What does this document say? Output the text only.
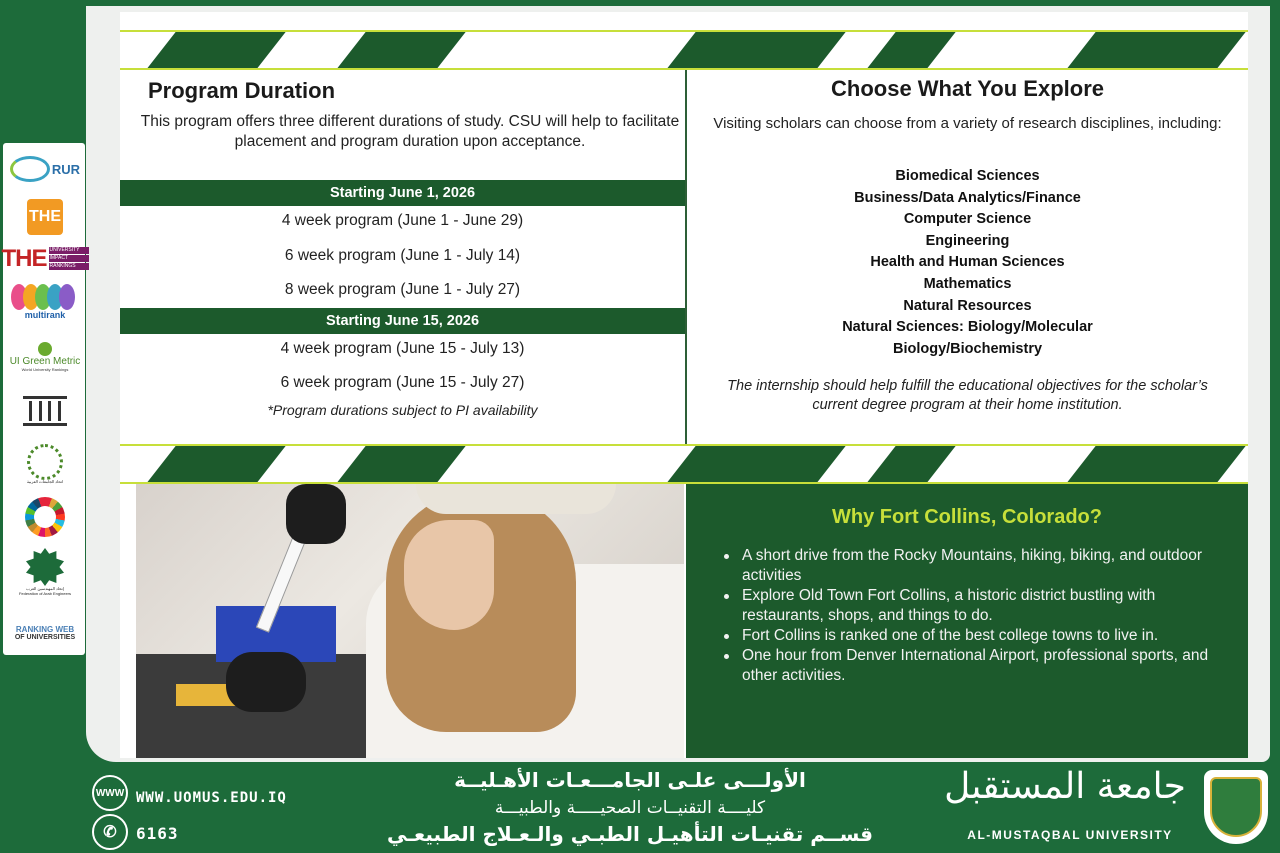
RUR
THE
THE UNIVERSITY
IMPACT
RANKINGS
multirank
UI Green Metric
World University Rankings
اتحاد الجامعات العربية
إتحاد المهندسين العرب
Federation of Arab Engineers
RANKING WEB
OF UNIVERSITIES
Program Duration

This program offers three different durations of study. CSU will help to facilitate placement and program duration upon acceptance.

Starting June 1, 2026
4 week program (June 1 - June 29)
6 week program (June 1 - July 14)
8 week program (June 1 - July 27)
Starting June 15, 2026
4 week program (June 15 - July 13)
6 week program (June 15 - July 27)
*Program durations subject to PI availability
Choose What You Explore

Visiting scholars can choose from a variety of research disciplines, including:

Biomedical Sciences
Business/Data Analytics/Finance
Computer Science
Engineering
Health and Human Sciences
Mathematics
Natural Resources
Natural Sciences: Biology/Molecular
Biology/Biochemistry

The internship should help fulfill the educational objectives for the scholar’s current degree program at their home institution.

Why Fort Collins, Colorado?
A short drive from the Rocky Mountains, hiking, biking, and outdoor activities
Explore Old Town Fort Collins, a historic district bustling with restaurants, shops, and things to do.
Fort Collins is ranked one of the best college towns to live in.
One hour from Denver International Airport, professional sports, and other activities.
WWW WWW.UOMUS.EDU.IQ
✆	6163
الأولـــى علـى الجامـــعـات الأهـليــة
كليــــة التقنيــات الصحيـــــة والطبيـــة
قســم تقنيـات التأهيـل الطبـي والـعـلاج الطبيعـي
جامعة المستقبل
AL-MUSTAQBAL UNIVERSITY
